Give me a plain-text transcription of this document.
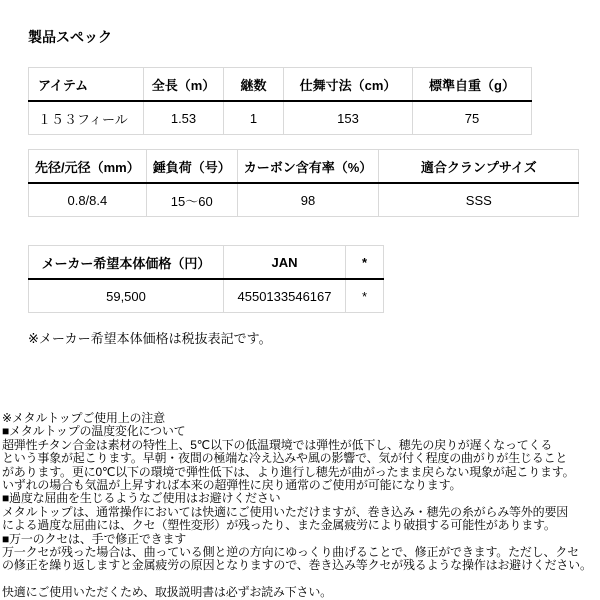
製品スペック
アイテム	全長（m）	継数	仕舞寸法（cm）	標準自重（g）
１５３フィール	1.53	1	153	75
先径/元径（mm）	錘負荷（号）	カーボン含有率（%）	適合クランプサイズ
0.8/8.4	15～60	98	SSS
メーカー希望本体価格（円）	JAN	*
59,500	4550133546167	*

※メーカー希望本体価格は税抜表記です。

※メタルトップご使用上の注意
■メタルトップの温度変化について
超弾性チタン合金は素材の特性上、5℃以下の低温環境では弾性が低下し、穂先の戻りが遅くなってくる
という事象が起こります。早朝・夜間の極端な冷え込みや風の影響で、気が付く程度の曲がりが生じること
があります。更に0℃以下の環境で弾性低下は、より進行し穂先が曲がったまま戻らない現象が起こります。
いずれの場合も気温が上昇すれば本来の超弾性に戻り通常のご使用が可能になります。
■過度な屈曲を生じるようなご使用はお避けください
メタルトップは、通常操作においては快適にご使用いただけますが、巻き込み・穂先の糸がらみ等外的要因
による過度な屈曲には、クセ（塑性変形）が残ったり、また金属疲労により破損する可能性があります。
■万一のクセは、手で修正できます
万一クセが残った場合は、曲っている側と逆の方向にゆっくり曲げることで、修正ができます。ただし、クセ
の修正を繰り返しますと金属疲労の原因となりますので、巻き込み等クセが残るような操作はお避けください。
快適にご使用いただくため、取扱説明書は必ずお読み下さい。
